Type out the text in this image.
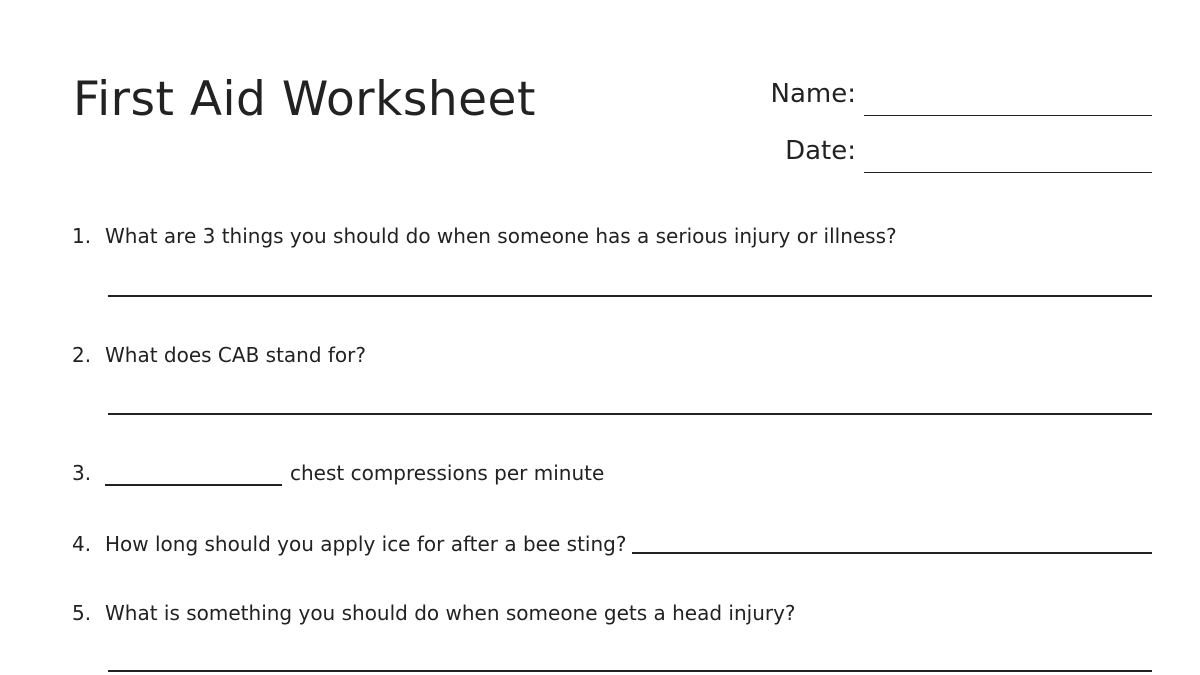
First Aid Worksheet	Name:
Date:
1. What are 3 things you should do when someone has a serious injury or illness?
2. What does CAB stand for?
3.	chest compressions per minute
4. How long should you apply ice for after a bee sting?
5. What is something you should do when someone gets a head injury?
